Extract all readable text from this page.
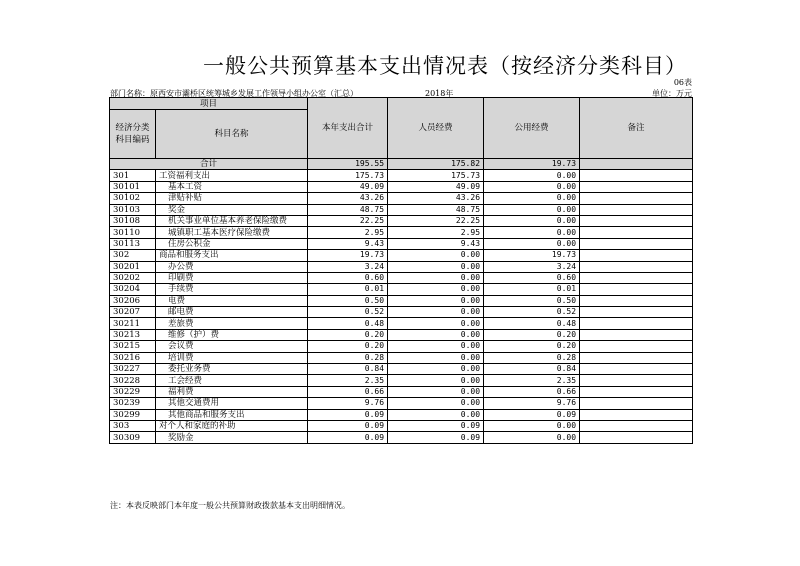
一般公共预算基本支出情况表（按经济分类科目）
06表
部门名称：原西安市灞桥区统筹城乡发展工作领导小组办公室（汇总）	2018年	单位：万元
项目		本年支出合计	人员经费	公用经费	备注
经济分类科目编码	科目名称				
合计		195.55	175.82	19.73	
301	工资福利支出	175.73	175.73	0.00	
30101	基本工资	49.09	49.09	0.00	
30102	津贴补贴	43.26	43.26	0.00	
30103	奖金	48.75	48.75	0.00	
30108	机关事业单位基本养老保险缴费	22.25	22.25	0.00	
30110	城镇职工基本医疗保险缴费	2.95	2.95	0.00	
30113	住房公积金	9.43	9.43	0.00	
302	商品和服务支出	19.73	0.00	19.73	
30201	办公费	3.24	0.00	3.24	
30202	印刷费	0.60	0.00	0.60	
30204	手续费	0.01	0.00	0.01	
30206	电费	0.50	0.00	0.50	
30207	邮电费	0.52	0.00	0.52	
30211	差旅费	0.48	0.00	0.48	
30213	维修（护）费	0.20	0.00	0.20	
30215	会议费	0.20	0.00	0.20	
30216	培训费	0.28	0.00	0.28	
30227	委托业务费	0.84	0.00	0.84	
30228	工会经费	2.35	0.00	2.35	
30229	福利费	0.66	0.00	0.66	
30239	其他交通费用	9.76	0.00	9.76	
30299	其他商品和服务支出	0.09	0.00	0.09	
303	对个人和家庭的补助	0.09	0.09	0.00	
30309	奖励金	0.09	0.09	0.00	
注：本表反映部门本年度一般公共预算财政拨款基本支出明细情况。
